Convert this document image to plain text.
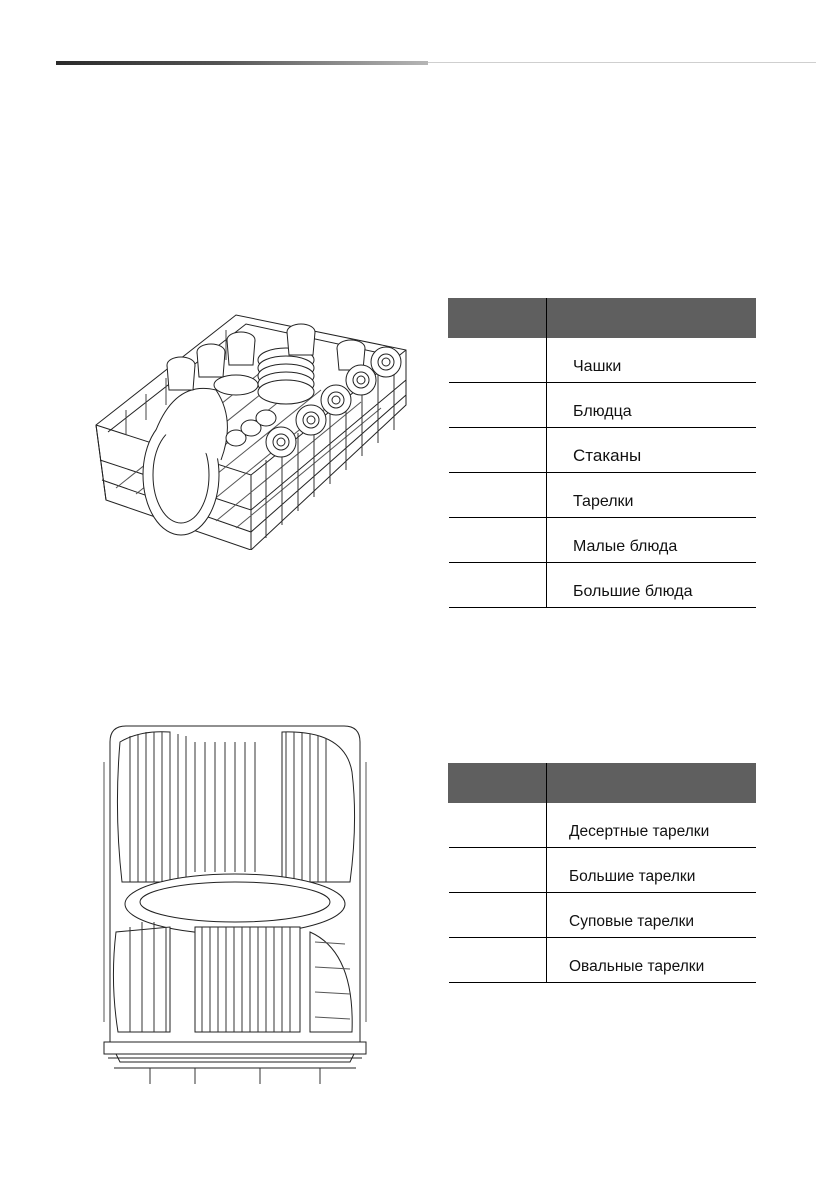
	Чашки
	Блюдца
	Стаканы
	Тарелки
	Малые блюда
	Большие блюда

	Десертные тарелки
	Большие тарелки
	Суповые тарелки
	Овальные тарелки
